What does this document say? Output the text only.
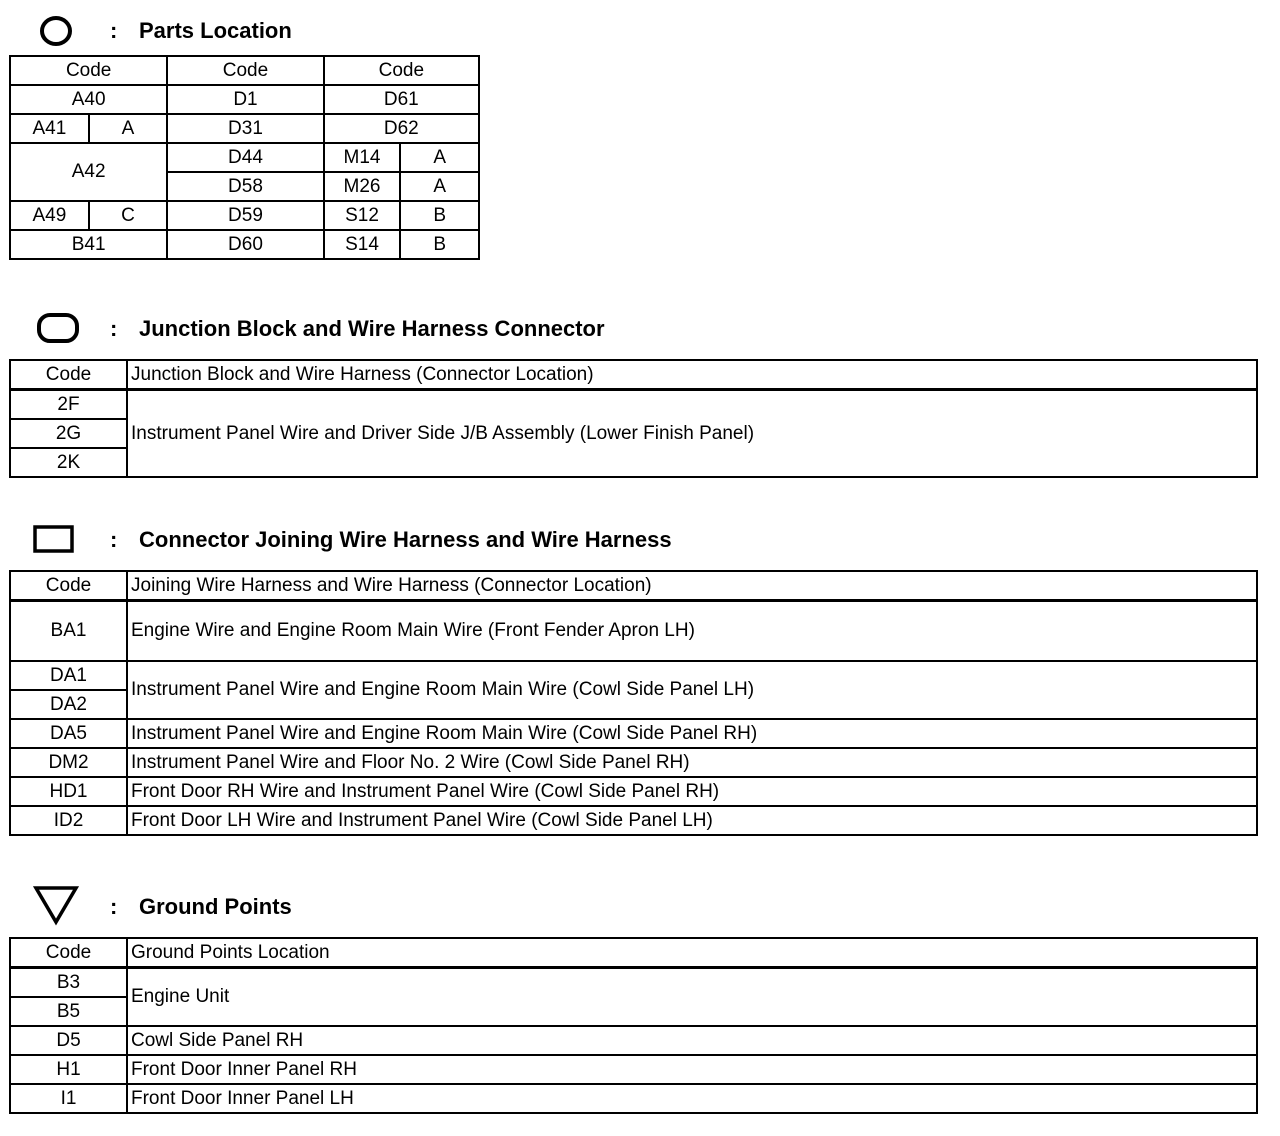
: Parts Location
Code		Code	Code	
A40		D1	D61	
A41	A	D31	D62	
A42		D44	M14	A
		D58	M26	A
A49	C	D59	S12	B
B41		D60	S14	B
: Junction Block and Wire Harness Connector
Code	Junction Block and Wire Harness (Connector Location)
2F	Instrument Panel Wire and Driver Side J/B Assembly (Lower Finish Panel)
2G	
2K	
: Connector Joining Wire Harness and Wire Harness
Code	Joining Wire Harness and Wire Harness (Connector Location)
BA1	Engine Wire and Engine Room Main Wire (Front Fender Apron LH)
DA1	Instrument Panel Wire and Engine Room Main Wire (Cowl Side Panel LH)
DA2	
DA5	Instrument Panel Wire and Engine Room Main Wire (Cowl Side Panel RH)
DM2	Instrument Panel Wire and Floor No. 2 Wire (Cowl Side Panel RH)
HD1	Front Door RH Wire and Instrument Panel Wire (Cowl Side Panel RH)
ID2	Front Door LH Wire and Instrument Panel Wire (Cowl Side Panel LH)
: Ground Points
Code	Ground Points Location
B3	Engine Unit
B5	
D5	Cowl Side Panel RH
H1	Front Door Inner Panel RH
I1	Front Door Inner Panel LH
